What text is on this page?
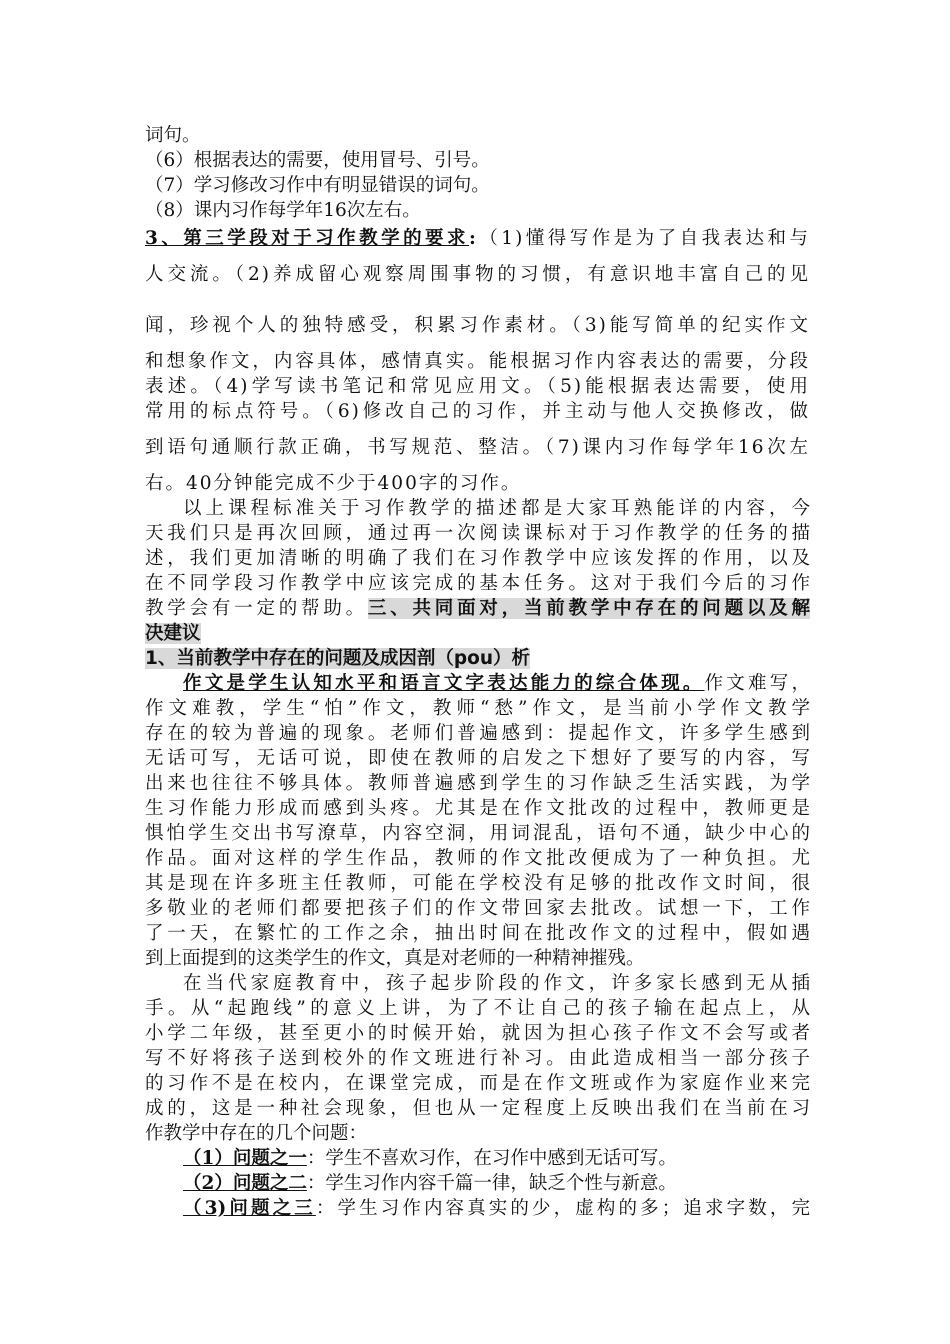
词句。
（6）根据表达的需要，使用冒号、引号。
（7）学习修改习作中有明显错误的词句。
（8）课内习作每学年16次左右。
3、第三学段对于习作教学的要求:（1)懂得写作是为了自我表达和与
人交流。（2)养成留心观察周围事物的习惯，有意识地丰富自己的见
闻，珍视个人的独特感受，积累习作素材。（3)能写简单的纪实作文
和想象作文，内容具体，感情真实。能根据习作内容表达的需要，分段
表述。（4)学写读书笔记和常见应用文。（5)能根据表达需要，使用
常用的标点符号。（6)修改自己的习作，并主动与他人交换修改，做
到语句通顺行款正确，书写规范、整洁。（7)课内习作每学年16次左
右。40分钟能完成不少于400字的习作。
以上课程标准关于习作教学的描述都是大家耳熟能详的内容，今
天我们只是再次回顾，通过再一次阅读课标对于习作教学的任务的描
述，我们更加清晰的明确了我们在习作教学中应该发挥的作用，以及
在不同学段习作教学中应该完成的基本任务。这对于我们今后的习作
教学会有一定的帮助。三、共同面对，当前教学中存在的问题以及解
决建议
1、当前教学中存在的问题及成因剖（pou）析
作文是学生认知水平和语言文字表达能力的综合体现。作文难写，
作文难教，学生“怕”作文，教师“愁”作文，是当前小学作文教学
存在的较为普遍的现象。老师们普遍感到：提起作文，许多学生感到
无话可写，无话可说，即使在教师的启发之下想好了要写的内容，写
出来也往往不够具体。教师普遍感到学生的习作缺乏生活实践，为学
生习作能力形成而感到头疼。尤其是在作文批改的过程中，教师更是
惧怕学生交出书写潦草，内容空洞，用词混乱，语句不通，缺少中心的
作品。面对这样的学生作品，教师的作文批改便成为了一种负担。尤
其是现在许多班主任教师，可能在学校没有足够的批改作文时间，很
多敬业的老师们都要把孩子们的作文带回家去批改。试想一下，工作
了一天，在繁忙的工作之余，抽出时间在批改作文的过程中，假如遇
到上面提到的这类学生的作文，真是对老师的一种精神摧残。
在当代家庭教育中，孩子起步阶段的作文，许多家长感到无从插
手。从“起跑线”的意义上讲，为了不让自己的孩子输在起点上，从
小学二年级，甚至更小的时候开始，就因为担心孩子作文不会写或者
写不好将孩子送到校外的作文班进行补习。由此造成相当一部分孩子
的习作不是在校内，在课堂完成，而是在作文班或作为家庭作业来完
成的，这是一种社会现象，但也从一定程度上反映出我们在当前在习
作教学中存在的几个问题：
（1）问题之一：学生不喜欢习作，在习作中感到无话可写。
（2）问题之二：学生习作内容千篇一律，缺乏个性与新意。
（3)问题之三：学生习作内容真实的少，虚构的多；追求字数，完
